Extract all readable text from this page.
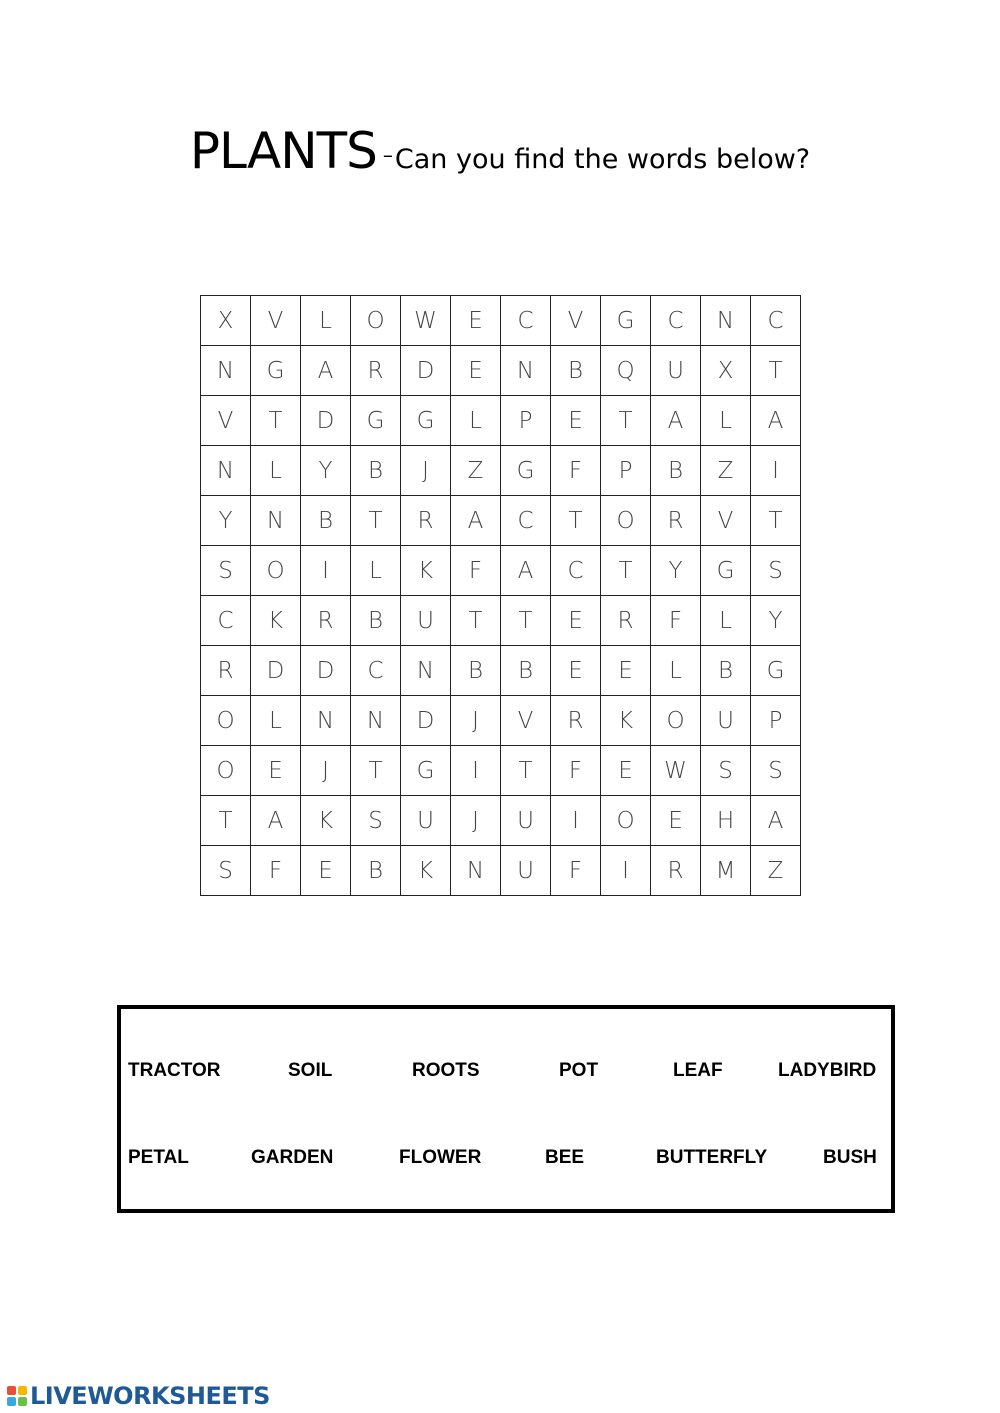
PLANTS –Can you find the words below?
X	V	L	O	W	E	C	V	G	C	N	C
N	G	A	R	D	E	N	B	Q	U	X	T
V	T	D	G	G	L	P	E	T	A	L	A
N	L	Y	B	J	Z	G	F	P	B	Z	I
Y	N	B	T	R	A	C	T	O	R	V	T
S	O	I	L	K	F	A	C	T	Y	G	S
C	K	R	B	U	T	T	E	R	F	L	Y
R	D	D	C	N	B	B	E	E	L	B	G
O	L	N	N	D	J	V	R	K	O	U	P
O	E	J	T	G	I	T	F	E	W	S	S
T	A	K	S	U	J	U	I	O	E	H	A
S	F	E	B	K	N	U	F	I	R	M	Z
TRACTOR	SOIL	ROOTS	POT	LEAF	LADYBIRD
PETAL	GARDEN	FLOWER	BEE	BUTTERFLY	BUSH
LIVEWORKSHEETS
